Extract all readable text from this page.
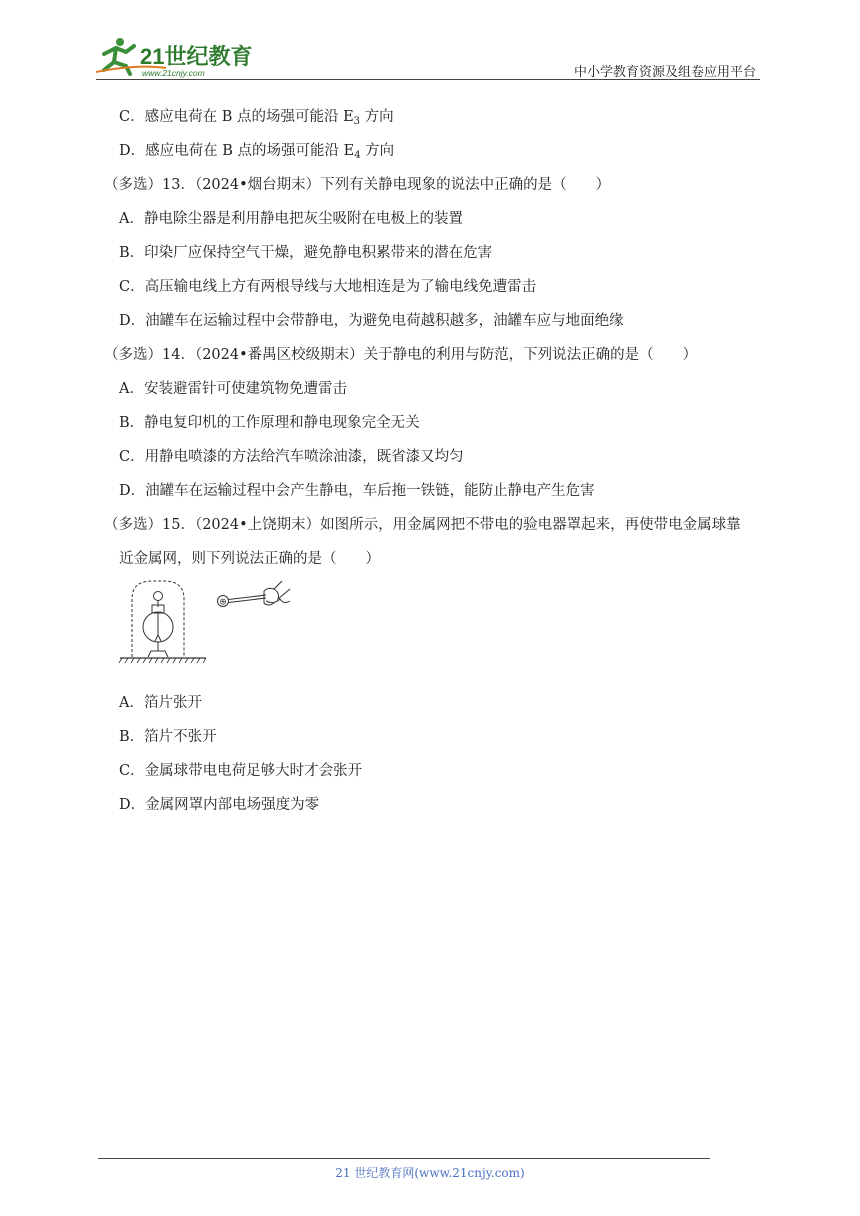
21世纪教育
www.21cnjy.com	中小学教育资源及组卷应用平台
C．感应电荷在 B 点的场强可能沿 $E_3$ 方向
D．感应电荷在 B 点的场强可能沿 $E_4$ 方向
（多选）13．（2024•烟台期末）下列有关静电现象的说法中正确的是（　　）
A．静电除尘器是利用静电把灰尘吸附在电极上的装置
B．印染厂应保持空气干燥，避免静电积累带来的潜在危害
C．高压输电线上方有两根导线与大地相连是为了输电线免遭雷击
D．油罐车在运输过程中会带静电，为避免电荷越积越多，油罐车应与地面绝缘
（多选）14．（2024•番禺区校级期末）关于静电的利用与防范，下列说法正确的是（　　）
A．安装避雷针可使建筑物免遭雷击
B．静电复印机的工作原理和静电现象完全无关
C．用静电喷漆的方法给汽车喷涂油漆，既省漆又均匀
D．油罐车在运输过程中会产生静电，车后拖一铁链，能防止静电产生危害
（多选）15．（2024•上饶期末）如图所示，用金属网把不带电的验电器罩起来，再使带电金属球靠
近金属网，则下列说法正确的是（　　）
A．箔片张开
B．箔片不张开
C．金属球带电电荷足够大时才会张开
D．金属网罩内部电场强度为零
⊕
21 世纪教育网(www.21cnjy.com)
